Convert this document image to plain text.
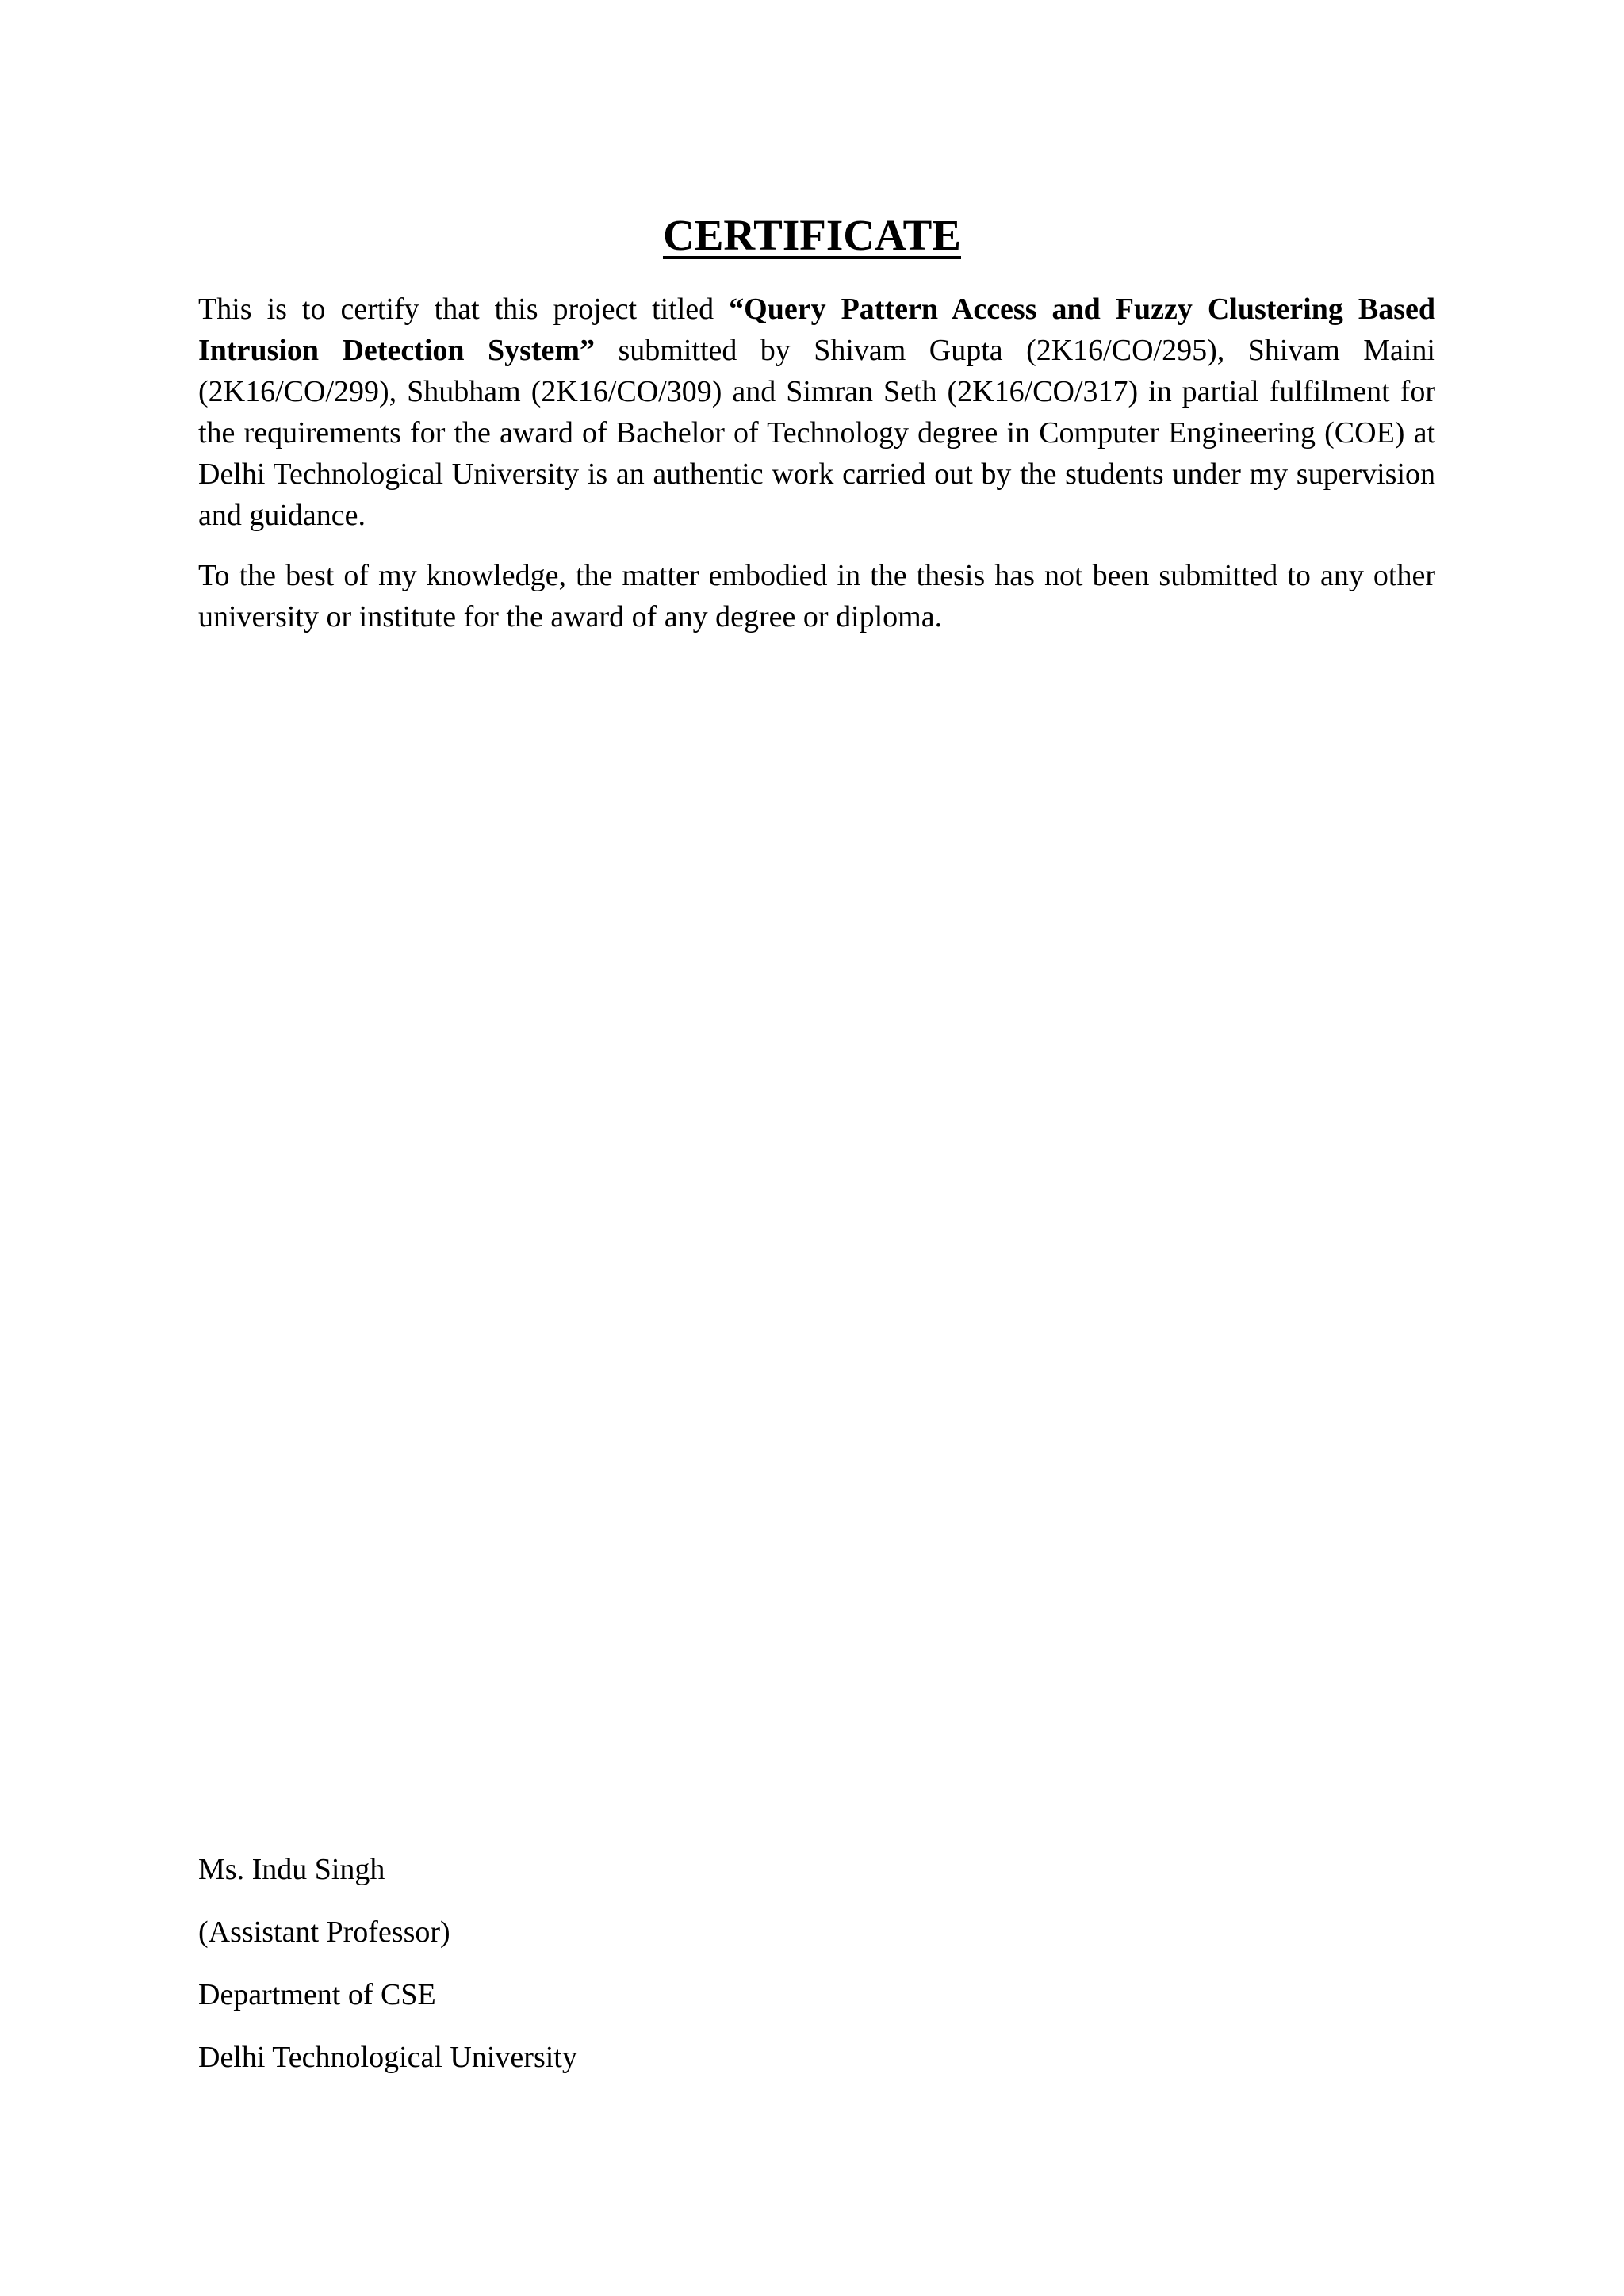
CERTIFICATE

This is to certify that this project titled “Query Pattern Access and Fuzzy Clustering Based Intrusion Detection System” submitted by Shivam Gupta (2K16/CO/295), Shivam Maini (2K16/CO/299), Shubham (2K16/CO/309) and Simran Seth (2K16/CO/317) in partial fulfilment for the requirements for the award of Bachelor of Technology degree in Computer Engineering (COE) at Delhi Technological University is an authentic work carried out by the students under my supervision and guidance.

To the best of my knowledge, the matter embodied in the thesis has not been submitted to any other university or institute for the award of any degree or diploma.

Ms. Indu Singh
(Assistant Professor)
Department of CSE
Delhi Technological University
